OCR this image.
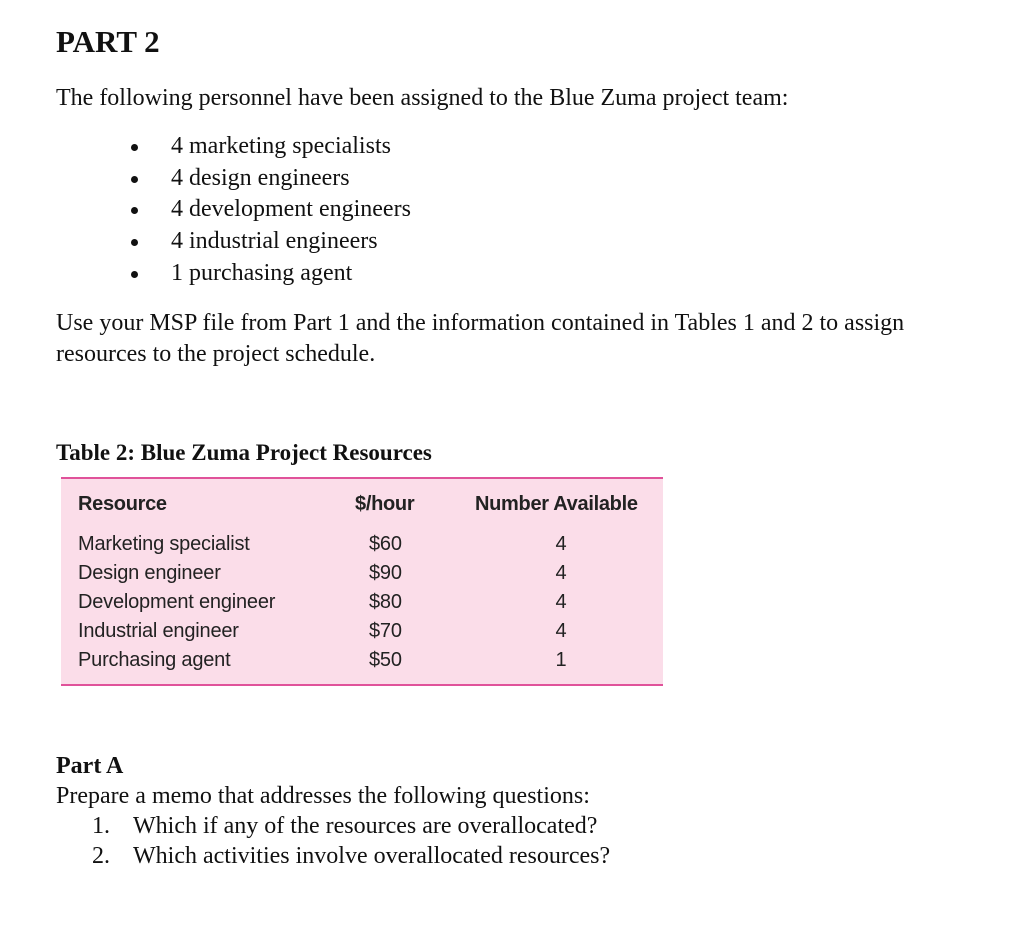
PART 2

The following personnel have been assigned to the Blue Zuma project team:

4 marketing specialists
4 design engineers
4 development engineers
4 industrial engineers
1 purchasing agent

Use your MSP file from Part 1 and the information contained in Tables 1 and 2 to assign resources to the project schedule.

Table 2: Blue Zuma Project Resources
Resource	$/hour	Number Available
Marketing specialist
Design engineer
Development engineer
Industrial engineer
Purchasing agent
$60
$90
$80
$70
$50
4
4
4
4
1
Part A
Prepare a memo that addresses the following questions:
1. Which if any of the resources are overallocated?
2. Which activities involve overallocated resources?
